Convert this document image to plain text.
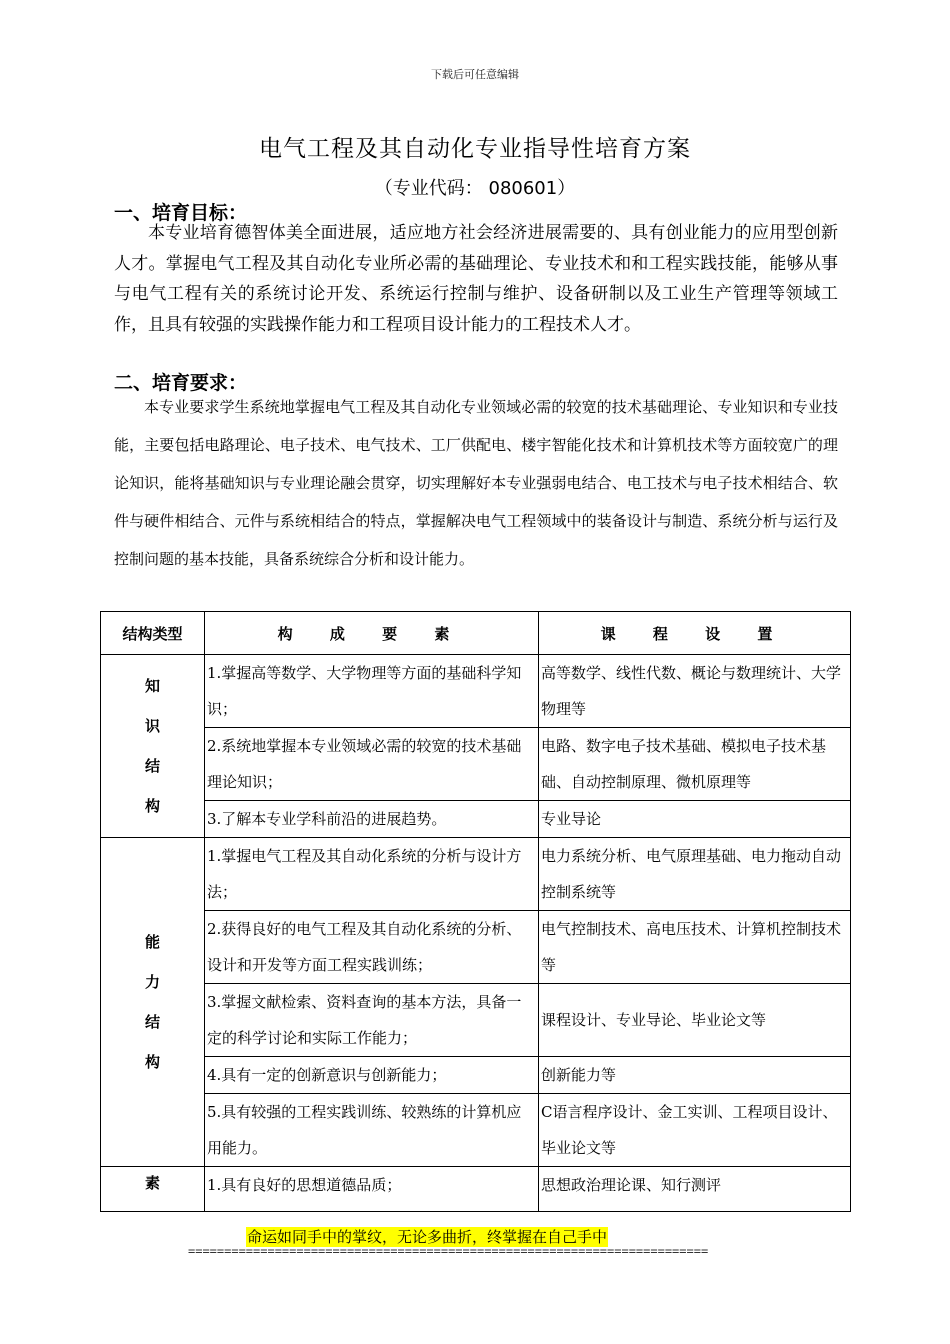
下载后可任意编辑
电气工程及其自动化专业指导性培育方案
（专业代码： 080601）
一、培育目标：

本专业培育德智体美全面进展，适应地方社会经济进展需要的、具有创业能力的应用型创新人才。掌握电气工程及其自动化专业所必需的基础理论、专业技术和和工程实践技能，能够从事与电气工程有关的系统讨论开发、系统运行控制与维护、设备研制以及工业生产管理等领域工作，且具有较强的实践操作能力和工程项目设计能力的工程技术人才。

二、培育要求：

本专业要求学生系统地掌握电气工程及其自动化专业领域必需的较宽的技术基础理论、专业知识和专业技能，主要包括电路理论、电子技术、电气技术、工厂供配电、楼宇智能化技术和计算机技术等方面较宽广的理论知识，能将基础知识与专业理论融会贯穿，切实理解好本专业强弱电结合、电工技术与电子技术相结合、软件与硬件相结合、元件与系统相结合的特点，掌握解决电气工程领域中的装备设计与制造、系统分析与运行及控制问题的基本技能，具备系统综合分析和设计能力。

结构类型	构 成 要 素	课 程 设 置
知识结构	1.掌握高等数学、大学物理等方面的基础科学知识；	高等数学、线性代数、概论与数理统计、大学物理等
	2.系统地掌握本专业领域必需的较宽的技术基础理论知识；	电路、数字电子技术基础、模拟电子技术基础、自动控制原理、微机原理等
	3.了解本专业学科前沿的进展趋势。	专业导论
能力结构	1.掌握电气工程及其自动化系统的分析与设计方法；	电力系统分析、电气原理基础、电力拖动自动控制系统等
	2.获得良好的电气工程及其自动化系统的分析、设计和开发等方面工程实践训练；	电气控制技术、高电压技术、计算机控制技术等
	3.掌握文献检索、资料查询的基本方法，具备一定的科学讨论和实际工作能力；	课程设计、专业导论、毕业论文等
	4.具有一定的创新意识与创新能力；	创新能力等
	5.具有较强的工程实践训练、较熟练的计算机应用能力。	C语言程序设计、金工实训、工程项目设计、毕业论文等
素	1.具有良好的思想道德品质；	思想政治理论课、知行测评
命运如同手中的掌纹，无论多曲折，终掌握在自己手中
========================================================================
